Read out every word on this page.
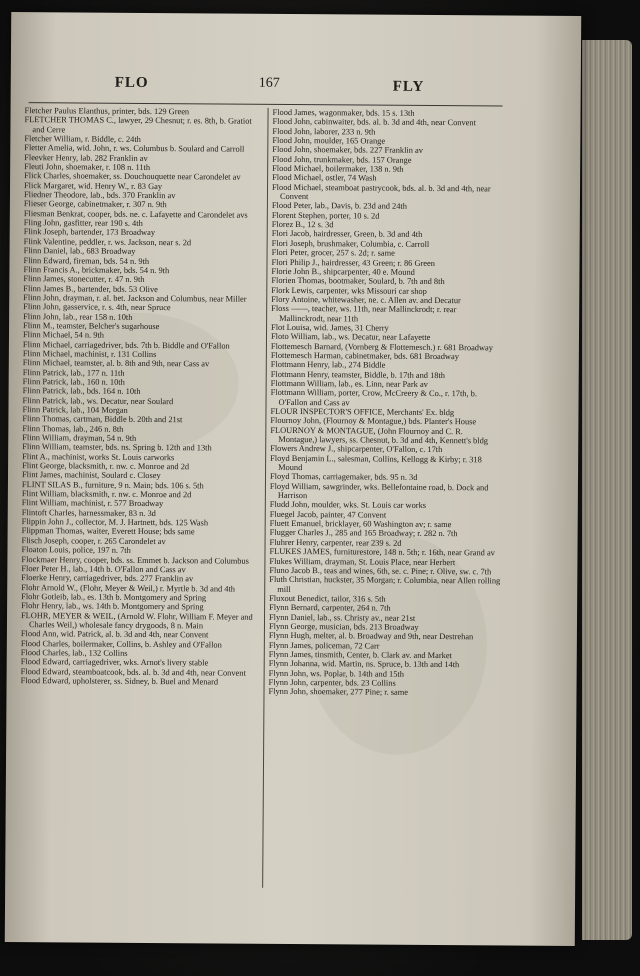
FLO	167	FLY
Fletcher Paulus Elanthus, printer, bds. 129 Green
FLETCHER THOMAS C., lawyer, 29 Chesnut; r. es. 8th, b. Gratiot and Cerre
Fletcher William, r. Biddle, c. 24th
Fletter Amelia, wid. John, r. ws. Columbus b. Soulard and Carroll
Fleevker Henry, lab. 282 Franklin av
Fleuti John, shoemaker, r. 108 n. 11th
Flick Charles, shoemaker, ss. Douchouquette near Carondelet av
Flick Margaret, wid. Henry W., r. 83 Gay
Fliedner Theodore, lab., bds. 370 Franklin av
Flieser George, cabinetmaker, r. 307 n. 9th
Fliesman Benkrat, cooper, bds. ne. c. Lafayette and Carondelet avs
Fling John, gasfitter, rear 190 s. 4th
Flink Joseph, bartender, 173 Broadway
Flink Valentine, peddler, r. ws. Jackson, near s. 2d
Flinn Daniel, lab., 683 Broadway
Flinn Edward, fireman, bds. 54 n. 9th
Flinn Francis A., brickmaker, bds. 54 n. 9th
Flinn James, stonecutter, r. 47 n. 9th
Flinn James B., bartender, bds. 53 Olive
Flinn John, drayman, r. al. bet. Jackson and Columbus, near Miller
Flinn John, gasservice, r. s. 4th, near Spruce
Flinn John, lab., rear 158 n. 10th
Flinn M., teamster, Belcher's sugarhouse
Flinn Michael, 54 n. 9th
Flinn Michael, carriagedriver, bds. 7th b. Biddle and O'Fallon
Flinn Michael, machinist, r. 131 Collins
Flinn Michael, teamster, al. b. 8th and 9th, near Cass av
Flinn Patrick, lab., 177 n. 11th
Flinn Patrick, lab., 160 n. 10th
Flinn Patrick, lab., bds. 164 n. 10th
Flinn Patrick, lab., ws. Decatur, near Soulard
Flinn Patrick, lab., 104 Morgan
Flinn Thomas, cartman, Biddle b. 20th and 21st
Flinn Thomas, lab., 246 n. 8th
Flinn William, drayman, 54 n. 9th
Flinn William, teamster, bds. ns. Spring b. 12th and 13th
Flint A., machinist, works St. Louis carworks
Flint George, blacksmith, r. nw. c. Monroe and 2d
Flint James, machinist, Soulard c. Closey
FLINT SILAS B., furniture, 9 n. Main; bds. 106 s. 5th
Flint William, blacksmith, r. nw. c. Monroe and 2d
Flint William, machinist, r. 577 Broadway
Flintoft Charles, harnessmaker, 83 n. 3d
Flippin John J., collector, M. J. Hartnett, bds. 125 Wash
Flippman Thomas, waiter, Everett House; bds same
Flisch Joseph, cooper, r. 265 Carondelet av
Floaton Louis, police, 197 n. 7th
Flockmaer Henry, cooper, bds. ss. Emmet b. Jackson and Columbus
Floer Peter H., lab., 14th b. O'Fallon and Cass av
Floerke Henry, carriagedriver, bds. 277 Franklin av
Flohr Arnold W., (Flohr, Meyer & Weil,) r. Myrtle b. 3d and 4th
Flohr Gotleib, lab., es. 13th b. Montgomery and Spring
Flohr Henry, lab., ws. 14th b. Montgomery and Spring
FLOHR, MEYER & WEIL, (Arnold W. Flohr, William F. Meyer and Charles Weil,) wholesale fancy drygoods, 8 n. Main
Flood Ann, wid. Patrick, al. b. 3d and 4th, near Convent
Flood Charles, boilermaker, Collins, b. Ashley and O'Fallon
Flood Charles, lab., 132 Collins
Flood Edward, carriagedriver, wks. Arnot's livery stable
Flood Edward, steamboatcook, bds. al. b. 3d and 4th, near Convent
Flood Edward, upholsterer, ss. Sidney, b. Buel and Menard
Flood James, wagonmaker, bds. 15 s. 13th
Flood John, cabinwaiter, bds. al. b. 3d and 4th, near Convent
Flood John, laborer, 233 n. 9th
Flood John, moulder, 165 Orange
Flood John, shoemaker, bds. 227 Franklin av
Flood John, trunkmaker, bds. 157 Orange
Flood Michael, boilermaker, 138 n. 9th
Flood Michael, ostler, 74 Wash
Flood Michael, steamboat pastrycook, bds. al. b. 3d and 4th, near Convent
Flood Peter, lab., Davis, b. 23d and 24th
Florent Stephen, porter, 10 s. 2d
Florez B., 12 s. 3d
Flori Jacob, hairdresser, Green, b. 3d and 4th
Flori Joseph, brushmaker, Columbia, c. Carroll
Flori Peter, grocer, 257 s. 2d; r. same
Flori Philip J., hairdresser, 43 Green; r. 86 Green
Florie John B., shipcarpenter, 40 e. Mound
Florien Thomas, bootmaker, Soulard, b. 7th and 8th
Flork Lewis, carpenter, wks Missouri car shop
Flory Antoine, whitewasher, ne. c. Allen av. and Decatur
Floss ——, teacher, ws. 11th, near Mallinckrodt; r. rear Mallinckrodt, near 11th
Flot Louisa, wid. James, 31 Cherry
Floto William, lab., ws. Decatur, near Lafayette
Flottemesch Barnard, (Vornberg & Flottemesch.) r. 681 Broadway
Flottemesch Harman, cabinetmaker, bds. 681 Broadway
Flottmann Henry, lab., 274 Biddle
Flottmann Henry, teamster, Biddle, b. 17th and 18th
Flottmann William, lab., es. Linn, near Park av
Flottmann William, porter, Crow, McCreery & Co., r. 17th, b. O'Fallon and Cass av
FLOUR INSPECTOR'S OFFICE, Merchants' Ex. bldg
Flournoy John, (Flournoy & Montague,) bds. Planter's House
FLOURNOY & MONTAGUE, (John Flournoy and C. R. Montague,) lawyers, ss. Chesnut, b. 3d and 4th, Kennett's bldg
Flowers Andrew J., shipcarpenter, O'Fallon, c. 17th
Floyd Benjamin L., salesman, Collins, Kellogg & Kirby; r. 318 Mound
Floyd Thomas, carriagemaker, bds. 95 n. 3d
Floyd William, sawgrinder, wks. Bellefontaine road, b. Dock and Harrison
Fludd John, moulder, wks. St. Louis car works
Fluegel Jacob, painter, 47 Convent
Fluett Emanuel, bricklayer, 60 Washington av; r. same
Flugger Charles J., 285 and 165 Broadway; r. 282 n. 7th
Fluhrer Henry, carpenter, rear 239 s. 2d
FLUKES JAMES, furniturestore, 148 n. 5th; r. 16th, near Grand av
Flukes William, drayman, St. Louis Place, near Herbert
Fluno Jacob B., teas and wines, 6th, se. c. Pine; r. Olive, sw. c. 7th
Fluth Christian, huckster, 35 Morgan; r. Columbia, near Allen rolling mill
Fluxout Benedict, tailor, 316 s. 5th
Flynn Bernard, carpenter, 264 n. 7th
Flynn Daniel, lab., ss. Christy av., near 21st
Flynn George, musician, bds. 213 Broadway
Flynn Hugh, melter, al. b. Broadway and 9th, near Destrehan
Flynn James, policeman, 72 Carr
Flynn James, tinsmith, Center, b. Clark av. and Market
Flynn Johanna, wid. Martin, ns. Spruce, b. 13th and 14th
Flynn John, ws. Poplar, b. 14th and 15th
Flynn John, carpenter, bds. 23 Collins
Flynn John, shoemaker, 277 Pine; r. same
